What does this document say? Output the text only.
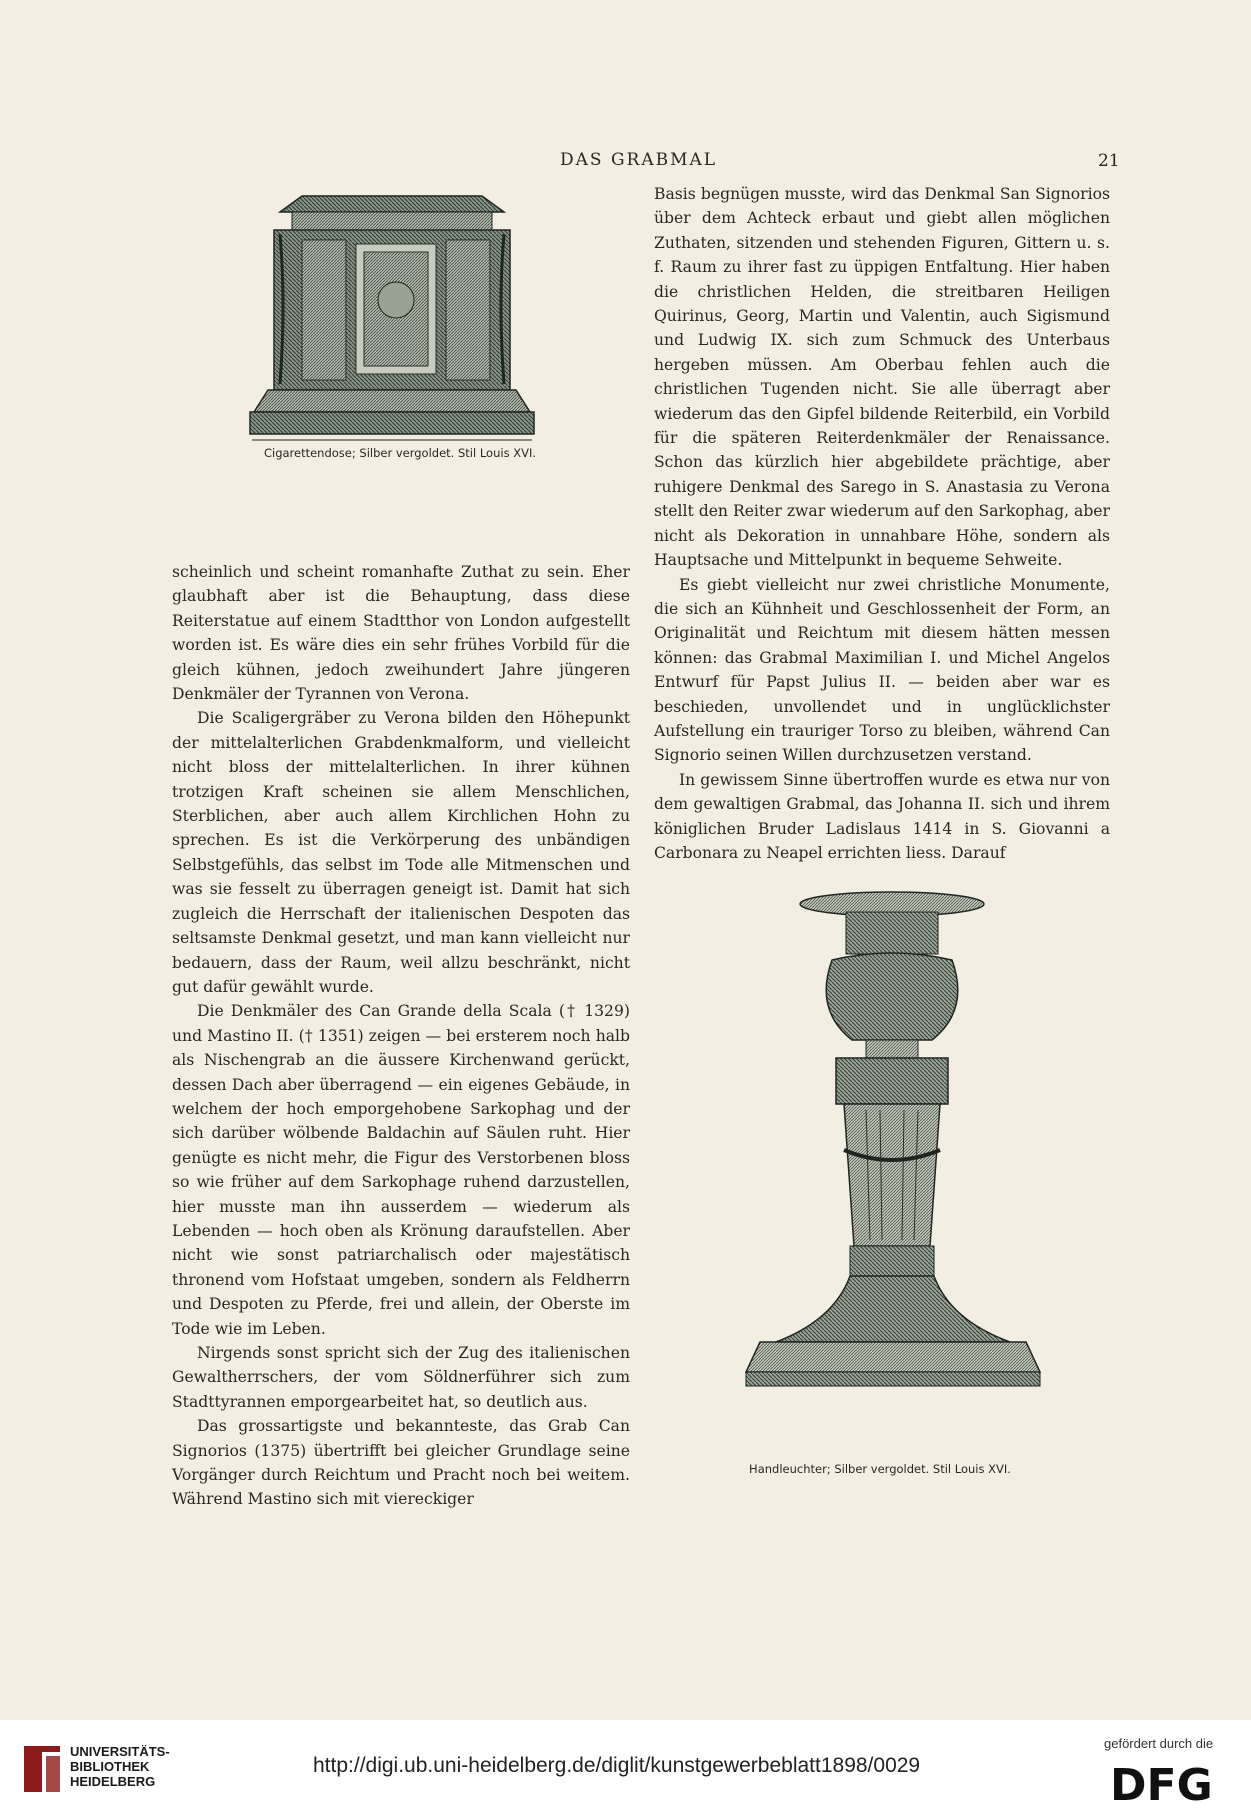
DAS GRABMAL	21
Cigarettendose; Silber vergoldet. Stil Louis XVI.

Basis begnügen musste, wird das Denkmal San Signorios über dem Achteck erbaut und giebt allen möglichen Zuthaten, sitzenden und stehenden Figuren, Gittern u. s. f. Raum zu ihrer fast zu üppigen Entfaltung. Hier haben die christlichen Helden, die streitbaren Heiligen Quirinus, Georg, Martin und Valentin, auch Sigismund und Ludwig IX. sich zum Schmuck des Unterbaus hergeben müssen. Am Oberbau fehlen auch die christlichen Tugenden nicht. Sie alle überragt aber wiederum das den Gipfel bildende Reiterbild, ein Vorbild für die späteren Reiterdenkmäler der Renaissance. Schon das kürzlich hier abgebildete prächtige, aber ruhigere Denkmal des Sarego in S. Anastasia zu Verona stellt den Reiter zwar wiederum auf den Sarkophag, aber nicht als Dekoration in unnahbare Höhe, sondern als Hauptsache und Mittelpunkt in bequeme Sehweite.

Es giebt vielleicht nur zwei christliche Monumente, die sich an Kühnheit und Geschlossenheit der Form, an Originalität und Reichtum mit diesem hätten messen können: das Grabmal Maximilian I. und Michel Angelos Entwurf für Papst Julius II. — beiden aber war es beschieden, unvollendet und in unglücklichster Aufstellung ein trauriger Torso zu bleiben, während Can Signorio seinen Willen durchzusetzen verstand.

In gewissem Sinne übertroffen wurde es etwa nur von dem gewaltigen Grabmal, das Johanna II. sich und ihrem königlichen Bruder Ladislaus 1414 in S. Giovanni a Carbonara zu Neapel errichten liess. Darauf

scheinlich und scheint romanhafte Zuthat zu sein. Eher glaubhaft aber ist die Behauptung, dass diese Reiterstatue auf einem Stadtthor von London aufgestellt worden ist. Es wäre dies ein sehr frühes Vorbild für die gleich kühnen, jedoch zweihundert Jahre jüngeren Denkmäler der Tyrannen von Verona.

Die Scaligergräber zu Verona bilden den Höhepunkt der mittelalterlichen Grabdenkmalform, und vielleicht nicht bloss der mittelalterlichen. In ihrer kühnen trotzigen Kraft scheinen sie allem Menschlichen, Sterblichen, aber auch allem Kirchlichen Hohn zu sprechen. Es ist die Verkörperung des unbändigen Selbstgefühls, das selbst im Tode alle Mitmenschen und was sie fesselt zu überragen geneigt ist. Damit hat sich zugleich die Herrschaft der italienischen Despoten das seltsamste Denkmal gesetzt, und man kann vielleicht nur bedauern, dass der Raum, weil allzu beschränkt, nicht gut dafür gewählt wurde.

Die Denkmäler des Can Grande della Scala († 1329) und Mastino II. († 1351) zeigen — bei ersterem noch halb als Nischengrab an die äussere Kirchenwand gerückt, dessen Dach aber überragend — ein eigenes Gebäude, in welchem der hoch emporgehobene Sarkophag und der sich darüber wölbende Baldachin auf Säulen ruht. Hier genügte es nicht mehr, die Figur des Verstorbenen bloss so wie früher auf dem Sarkophage ruhend darzustellen, hier musste man ihn ausserdem — wiederum als Lebenden — hoch oben als Krönung daraufstellen. Aber nicht wie sonst patriarchalisch oder majestätisch thronend vom Hofstaat umgeben, sondern als Feldherrn und Despoten zu Pferde, frei und allein, der Oberste im Tode wie im Leben.

Nirgends sonst spricht sich der Zug des italienischen Gewaltherrschers, der vom Söldnerführer sich zum Stadttyrannen emporgearbeitet hat, so deutlich aus.

Das grossartigste und bekannteste, das Grab Can Signorios (1375) übertrifft bei gleicher Grundlage seine Vorgänger durch Reichtum und Pracht noch bei weitem. Während Mastino sich mit viereckiger

Handleuchter; Silber vergoldet. Stil Louis XVI.
UNIVERSITÄTS-
BIBLIOTHEK
HEIDELBERG
http://digi.ub.uni-heidelberg.de/diglit/kunstgewerbeblatt1898/0029
gefördert durch die
DFG
